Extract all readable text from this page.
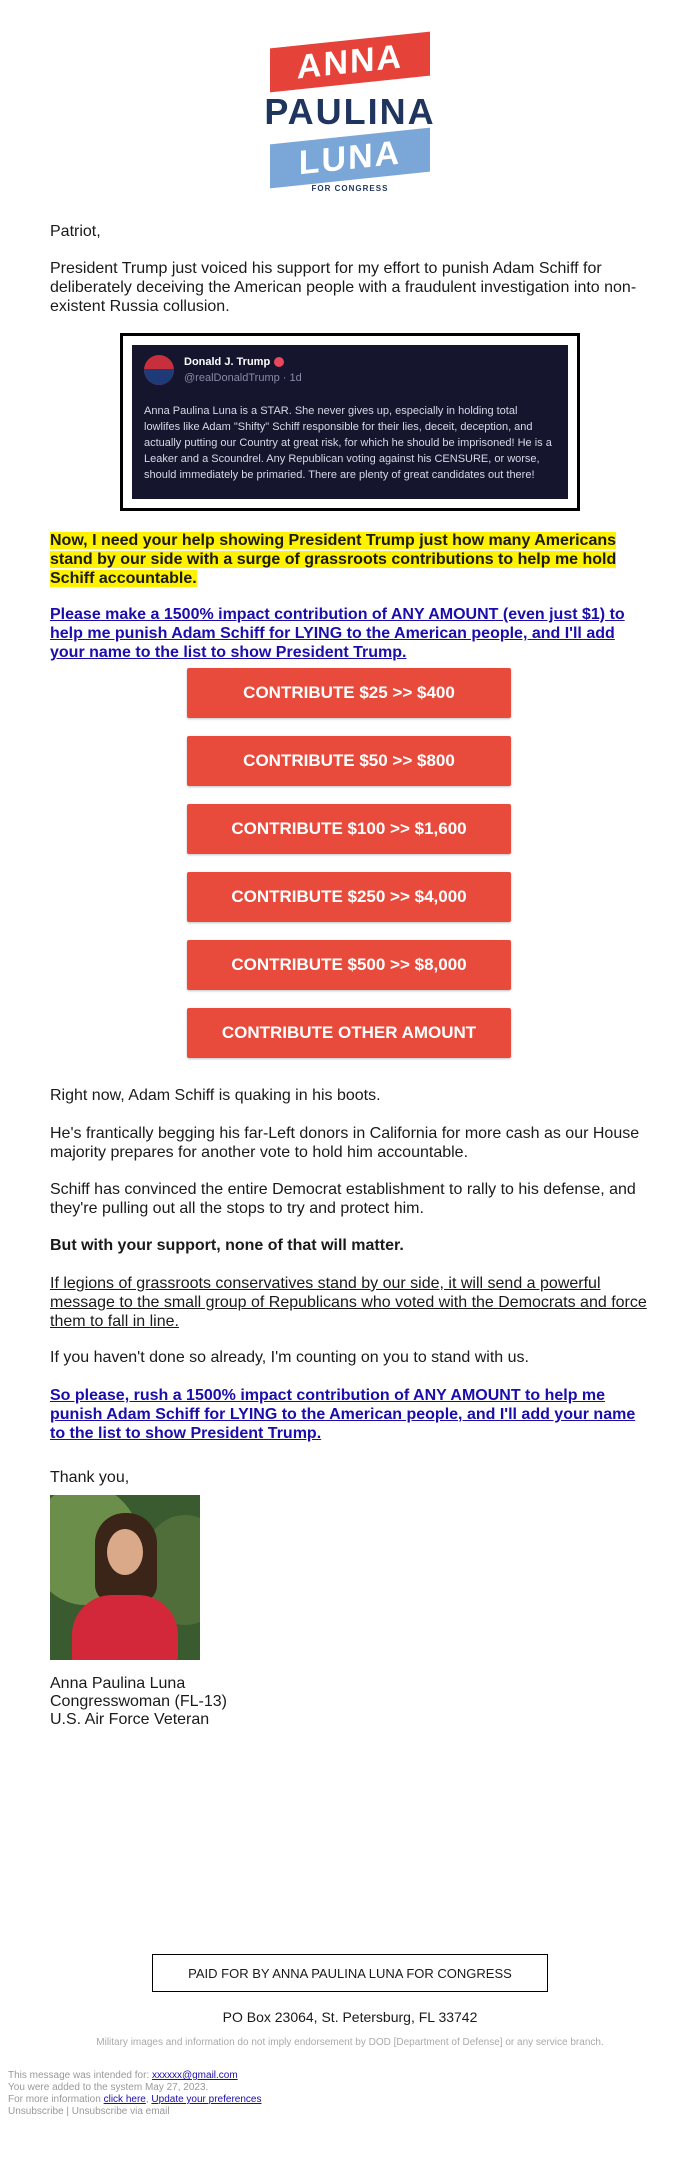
ANNA
PAULINA
LUNA
FOR CONGRESS
Patriot,
President Trump just voiced his support for my effort to punish Adam Schiff for deliberately deceiving the American people with a fraudulent investigation into non-existent Russia collusion.
Donald J. Trump
@realDonaldTrump · 1d
Anna Paulina Luna is a STAR. She never gives up, especially in holding total lowlifes like Adam "Shifty" Schiff responsible for their lies, deceit, deception, and actually putting our Country at great risk, for which he should be imprisoned! He is a Leaker and a Scoundrel. Any Republican voting against his CENSURE, or worse, should immediately be primaried. There are plenty of great candidates out there!
Now, I need your help showing President Trump just how many Americans stand by our side with a surge of grassroots contributions to help me hold Schiff accountable.
Please make a 1500% impact contribution of ANY AMOUNT (even just $1) to help me punish Adam Schiff for LYING to the American people, and I'll add your name to the list to show President Trump.
CONTRIBUTE $25 >> $400
CONTRIBUTE $50 >> $800
CONTRIBUTE $100 >> $1,600
CONTRIBUTE $250 >> $4,000
CONTRIBUTE $500 >> $8,000
CONTRIBUTE OTHER AMOUNT
Right now, Adam Schiff is quaking in his boots.
He's frantically begging his far-Left donors in California for more cash as our House majority prepares for another vote to hold him accountable.
Schiff has convinced the entire Democrat establishment to rally to his defense, and they're pulling out all the stops to try and protect him.
But with your support, none of that will matter.
If legions of grassroots conservatives stand by our side, it will send a powerful message to the small group of Republicans who voted with the Democrats and force them to fall in line.
If you haven't done so already, I'm counting on you to stand with us.
So please, rush a 1500% impact contribution of ANY AMOUNT to help me punish Adam Schiff for LYING to the American people, and I'll add your name to the list to show President Trump.
Thank you,
Anna Paulina Luna
Congresswoman (FL-13)
U.S. Air Force Veteran
PAID FOR BY ANNA PAULINA LUNA FOR CONGRESS
PO Box 23064, St. Petersburg, FL 33742
Military images and information do not imply endorsement by DOD [Department of Defense] or any service branch.
This message was intended for: xxxxxx@gmail.com
You were added to the system May 27, 2023.
For more information click here, Update your preferences
Unsubscribe | Unsubscribe via email
